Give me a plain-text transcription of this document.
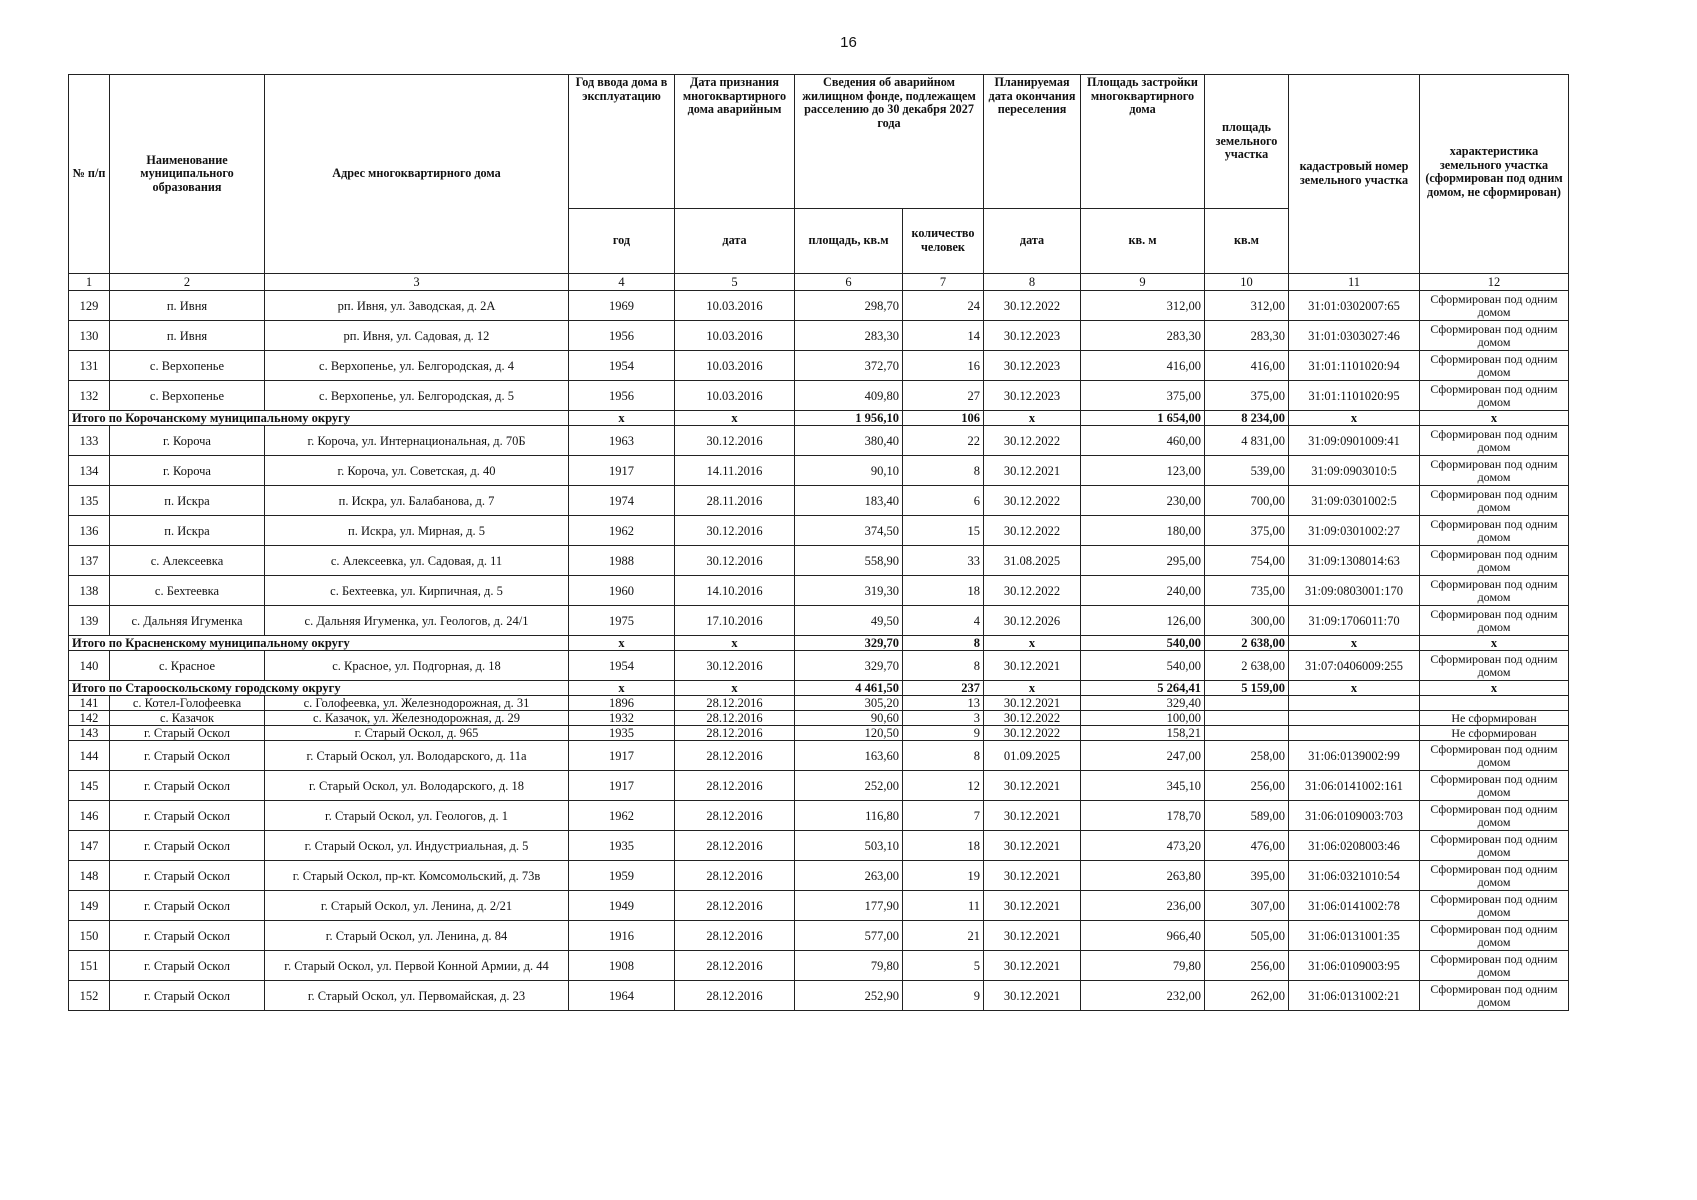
16
№ п/п	Наименование муниципального образования	Адрес многоквартирного дома	Год ввода дома в эксплуатацию	Дата признания многоквартирного дома аварийным	Сведения об аварийном жилищном фонде, подлежащем расселению до 30 декабря 2027 года		Планируемая дата окончания переселения	Площадь застройки многоквартирного дома	площадь земельного участка	кадастровый номер земельного участка	характеристика земельного участка (сформирован под одним домом, не сформирован)
			год	дата	площадь, кв.м	количество человек	дата	кв. м	кв.м		
1	2	3	4	5	6	7	8	9	10	11	12
129	п. Ивня	рп. Ивня, ул. Заводская, д. 2А	1969	10.03.2016	298,70	24	30.12.2022	312,00	312,00	31:01:0302007:65	Сформирован под одним домом
130	п. Ивня	рп. Ивня, ул. Садовая, д. 12	1956	10.03.2016	283,30	14	30.12.2023	283,30	283,30	31:01:0303027:46	Сформирован под одним домом
131	с. Верхопенье	с. Верхопенье, ул. Белгородская, д. 4	1954	10.03.2016	372,70	16	30.12.2023	416,00	416,00	31:01:1101020:94	Сформирован под одним домом
132	с. Верхопенье	с. Верхопенье, ул. Белгородская, д. 5	1956	10.03.2016	409,80	27	30.12.2023	375,00	375,00	31:01:1101020:95	Сформирован под одним домом
Итого по Корочанскому муниципальному округу			x	x	1 956,10	106	x	1 654,00	8 234,00	x	x
133	г. Короча	г. Короча, ул. Интернациональная, д. 70Б	1963	30.12.2016	380,40	22	30.12.2022	460,00	4 831,00	31:09:0901009:41	Сформирован под одним домом
134	г. Короча	г. Короча, ул. Советская, д. 40	1917	14.11.2016	90,10	8	30.12.2021	123,00	539,00	31:09:0903010:5	Сформирован под одним домом
135	п. Искра	п. Искра, ул. Балабанова, д. 7	1974	28.11.2016	183,40	6	30.12.2022	230,00	700,00	31:09:0301002:5	Сформирован под одним домом
136	п. Искра	п. Искра, ул. Мирная, д. 5	1962	30.12.2016	374,50	15	30.12.2022	180,00	375,00	31:09:0301002:27	Сформирован под одним домом
137	с. Алексеевка	с. Алексеевка, ул. Садовая, д. 11	1988	30.12.2016	558,90	33	31.08.2025	295,00	754,00	31:09:1308014:63	Сформирован под одним домом
138	с. Бехтеевка	с. Бехтеевка, ул. Кирпичная, д. 5	1960	14.10.2016	319,30	18	30.12.2022	240,00	735,00	31:09:0803001:170	Сформирован под одним домом
139	с. Дальняя Игуменка	с. Дальняя Игуменка, ул. Геологов, д. 24/1	1975	17.10.2016	49,50	4	30.12.2026	126,00	300,00	31:09:1706011:70	Сформирован под одним домом
Итого по Красненскому муниципальному округу			x	x	329,70	8	x	540,00	2 638,00	x	x
140	с. Красное	с. Красное, ул. Подгорная, д. 18	1954	30.12.2016	329,70	8	30.12.2021	540,00	2 638,00	31:07:0406009:255	Сформирован под одним домом
Итого по Старооскольскому городскому округу			x	x	4 461,50	237	x	5 264,41	5 159,00	x	x
141	с. Котел-Голофеевка	с. Голофеевка, ул. Железнодорожная, д. 31	1896	28.12.2016	305,20	13	30.12.2021	329,40			
142	с. Казачок	с. Казачок, ул. Железнодорожная, д. 29	1932	28.12.2016	90,60	3	30.12.2022	100,00			Не сформирован
143	г. Старый Оскол	г. Старый Оскол, д. 965	1935	28.12.2016	120,50	9	30.12.2022	158,21			Не сформирован
144	г. Старый Оскол	г. Старый Оскол, ул. Володарского, д. 11а	1917	28.12.2016	163,60	8	01.09.2025	247,00	258,00	31:06:0139002:99	Сформирован под одним домом
145	г. Старый Оскол	г. Старый Оскол, ул. Володарского, д. 18	1917	28.12.2016	252,00	12	30.12.2021	345,10	256,00	31:06:0141002:161	Сформирован под одним домом
146	г. Старый Оскол	г. Старый Оскол, ул. Геологов, д. 1	1962	28.12.2016	116,80	7	30.12.2021	178,70	589,00	31:06:0109003:703	Сформирован под одним домом
147	г. Старый Оскол	г. Старый Оскол, ул. Индустриальная, д. 5	1935	28.12.2016	503,10	18	30.12.2021	473,20	476,00	31:06:0208003:46	Сформирован под одним домом
148	г. Старый Оскол	г. Старый Оскол, пр-кт. Комсомольский, д. 73в	1959	28.12.2016	263,00	19	30.12.2021	263,80	395,00	31:06:0321010:54	Сформирован под одним домом
149	г. Старый Оскол	г. Старый Оскол, ул. Ленина, д. 2/21	1949	28.12.2016	177,90	11	30.12.2021	236,00	307,00	31:06:0141002:78	Сформирован под одним домом
150	г. Старый Оскол	г. Старый Оскол, ул. Ленина, д. 84	1916	28.12.2016	577,00	21	30.12.2021	966,40	505,00	31:06:0131001:35	Сформирован под одним домом
151	г. Старый Оскол	г. Старый Оскол, ул. Первой Конной Армии, д. 44	1908	28.12.2016	79,80	5	30.12.2021	79,80	256,00	31:06:0109003:95	Сформирован под одним домом
152	г. Старый Оскол	г. Старый Оскол, ул. Первомайская, д. 23	1964	28.12.2016	252,90	9	30.12.2021	232,00	262,00	31:06:0131002:21	Сформирован под одним домом
